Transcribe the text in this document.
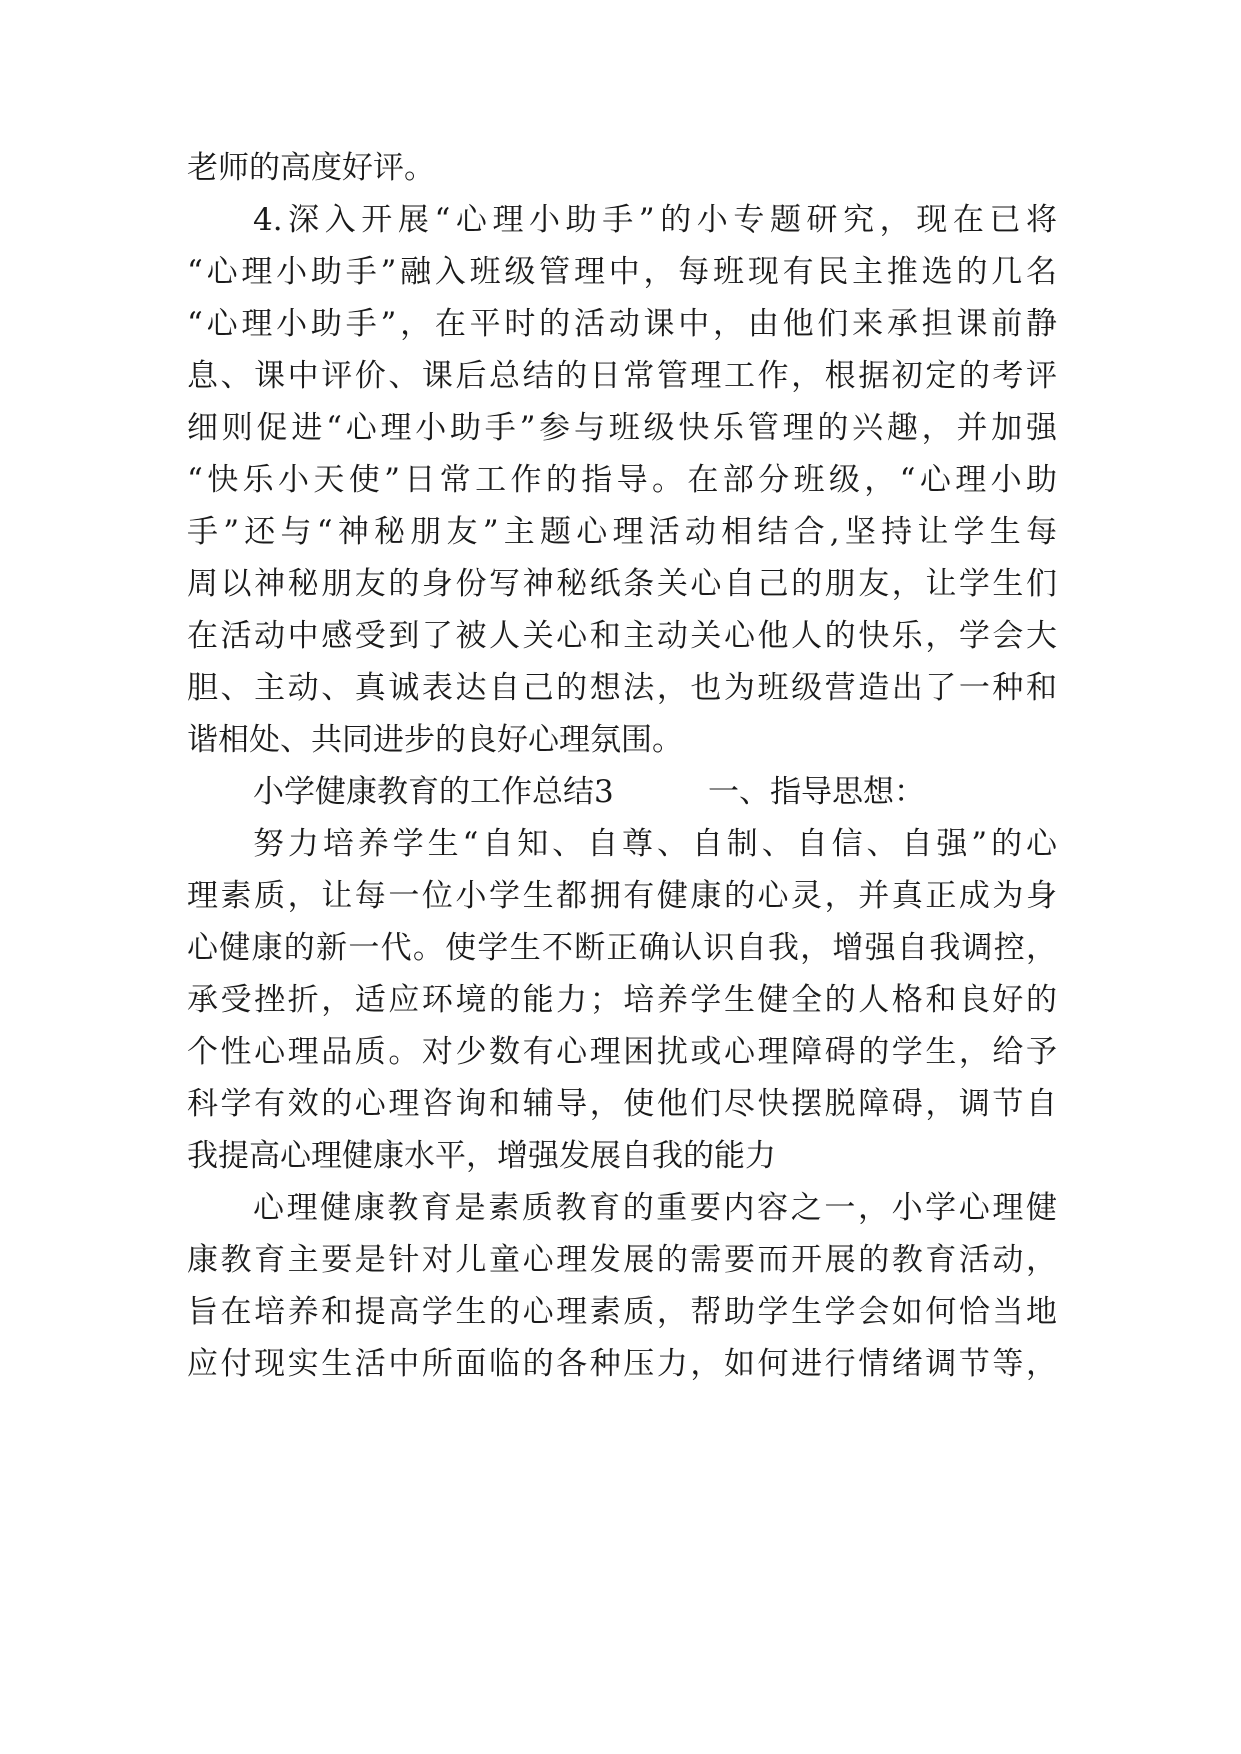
老师的高度好评。
4.深入开展“心理小助手”的小专题研究，现在已将
“心理小助手”融入班级管理中，每班现有民主推选的几名
“心理小助手”，在平时的活动课中，由他们来承担课前静
息、课中评价、课后总结的日常管理工作，根据初定的考评
细则促进“心理小助手”参与班级快乐管理的兴趣，并加强
“快乐小天使”日常工作的指导。在部分班级，“心理小助
手”还与“神秘朋友”主题心理活动相结合,坚持让学生每
周以神秘朋友的身份写神秘纸条关心自己的朋友，让学生们
在活动中感受到了被人关心和主动关心他人的快乐，学会大
胆、主动、真诚表达自己的想法，也为班级营造出了一种和
谐相处、共同进步的良好心理氛围。
小学健康教育的工作总结3	一、指导思想：
努力培养学生“自知、自尊、自制、自信、自强”的心
理素质，让每一位小学生都拥有健康的心灵，并真正成为身
心健康的新一代。使学生不断正确认识自我，增强自我调控，
承受挫折，适应环境的能力；培养学生健全的人格和良好的
个性心理品质。对少数有心理困扰或心理障碍的学生，给予
科学有效的心理咨询和辅导，使他们尽快摆脱障碍，调节自
我提高心理健康水平，增强发展自我的能力
心理健康教育是素质教育的重要内容之一，小学心理健
康教育主要是针对儿童心理发展的需要而开展的教育活动，
旨在培养和提高学生的心理素质，帮助学生学会如何恰当地
应付现实生活中所面临的各种压力，如何进行情绪调节等，
